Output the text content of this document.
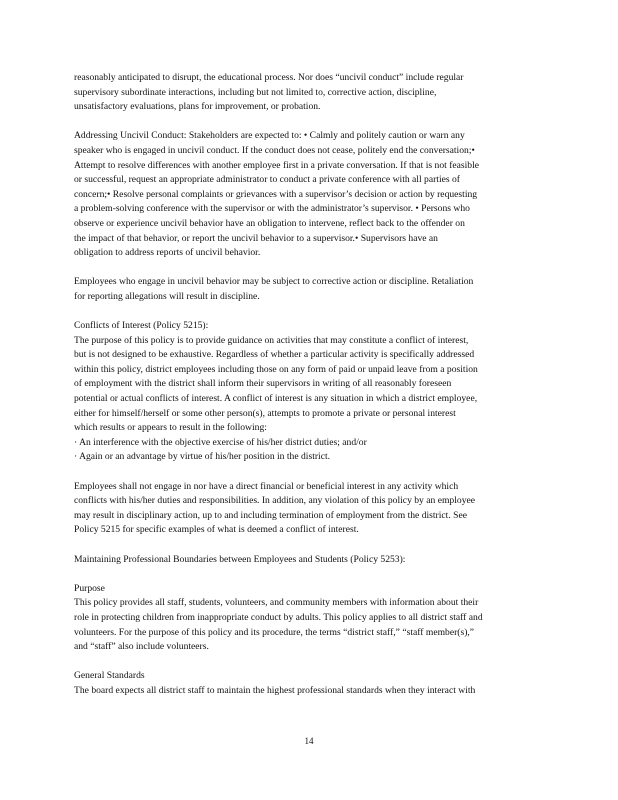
reasonably anticipated to disrupt, the educational process. Nor does “uncivil conduct” include regular
supervisory subordinate interactions, including but not limited to, corrective action, discipline,
unsatisfactory evaluations, plans for improvement, or probation.

Addressing Uncivil Conduct: Stakeholders are expected to: • Calmly and politely caution or warn any
speaker who is engaged in uncivil conduct. If the conduct does not cease, politely end the conversation;•
Attempt to resolve differences with another employee first in a private conversation. If that is not feasible
or successful, request an appropriate administrator to conduct a private conference with all parties of
concern;• Resolve personal complaints or grievances with a supervisor’s decision or action by requesting
a problem-solving conference with the supervisor or with the administrator’s supervisor. • Persons who
observe or experience uncivil behavior have an obligation to intervene, reflect back to the offender on
the impact of that behavior, or report the uncivil behavior to a supervisor.• Supervisors have an
obligation to address reports of uncivil behavior.

Employees who engage in uncivil behavior may be subject to corrective action or discipline. Retaliation
for reporting allegations will result in discipline.

Conflicts of Interest (Policy 5215):
The purpose of this policy is to provide guidance on activities that may constitute a conflict of interest,
but is not designed to be exhaustive. Regardless of whether a particular activity is specifically addressed
within this policy, district employees including those on any form of paid or unpaid leave from a position
of employment with the district shall inform their supervisors in writing of all reasonably foreseen
potential or actual conflicts of interest. A conflict of interest is any situation in which a district employee,
either for himself/herself or some other person(s), attempts to promote a private or personal interest
which results or appears to result in the following:
· An interference with the objective exercise of his/her district duties; and/or
· Again or an advantage by virtue of his/her position in the district.

Employees shall not engage in nor have a direct financial or beneficial interest in any activity which
conflicts with his/her duties and responsibilities. In addition, any violation of this policy by an employee
may result in disciplinary action, up to and including termination of employment from the district. See
Policy 5215 for specific examples of what is deemed a conflict of interest.

Maintaining Professional Boundaries between Employees and Students (Policy 5253):

Purpose
This policy provides all staff, students, volunteers, and community members with information about their
role in protecting children from inappropriate conduct by adults. This policy applies to all district staff and
volunteers. For the purpose of this policy and its procedure, the terms “district staff,” “staff member(s),”
and “staff” also include volunteers.

General Standards
The board expects all district staff to maintain the highest professional standards when they interact with

14
